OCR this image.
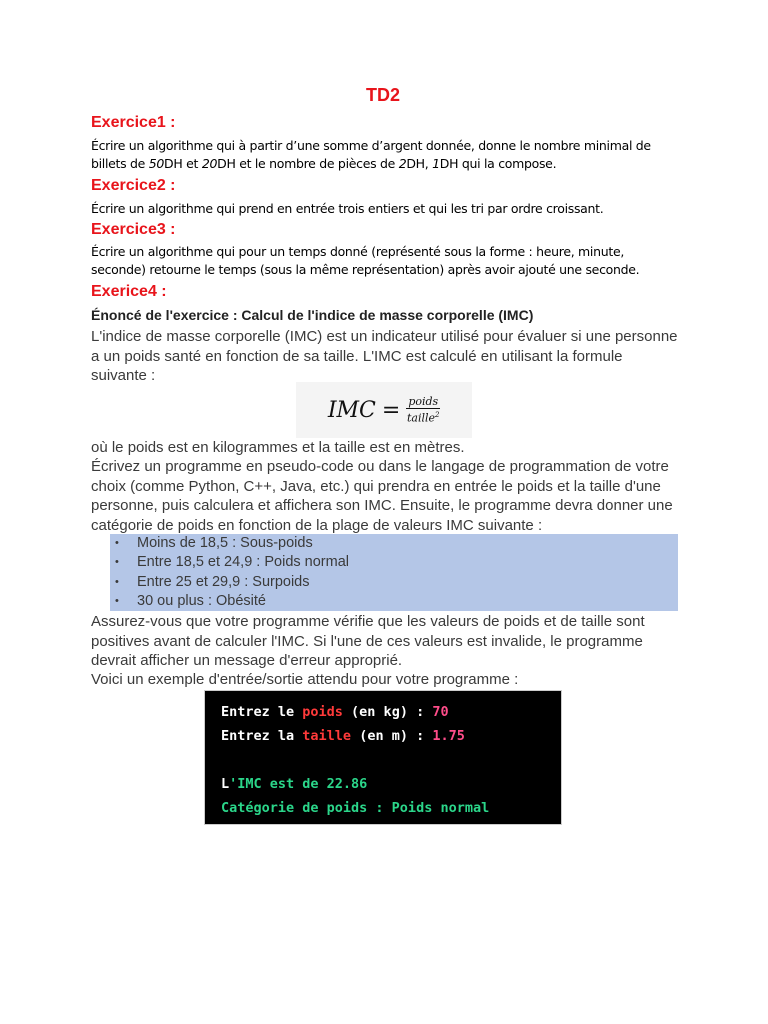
TD2
Exercice1 :
Écrire un algorithme qui à partir d’une somme d’argent donnée, donne le nombre minimal de billets de 50DH et 20DH et le nombre de pièces de 2DH, 1DH qui la compose.
Exercice2 :
Écrire un algorithme qui prend en entrée trois entiers et qui les tri par ordre croissant.
Exercice3 :
Écrire un algorithme qui pour un temps donné (représenté sous la forme : heure, minute, seconde) retourne le temps (sous la même représentation) après avoir ajouté une seconde.
Exerice4 :
Énoncé de l'exercice : Calcul de l'indice de masse corporelle (IMC)
L'indice de masse corporelle (IMC) est un indicateur utilisé pour évaluer si une personne a un poids santé en fonction de sa taille. L'IMC est calculé en utilisant la formule suivante :
IMC = $\frac{\text{poids}}{taille^2}$
où le poids est en kilogrammes et la taille est en mètres.
Écrivez un programme en pseudo-code ou dans le langage de programmation de votre choix (comme Python, C++, Java, etc.) qui prendra en entrée le poids et la taille d'une personne, puis calculera et affichera son IMC. Ensuite, le programme devra donner une catégorie de poids en fonction de la plage de valeurs IMC suivante :
• Moins de 18,5 : Sous-poids
• Entre 18,5 et 24,9 : Poids normal
• Entre 25 et 29,9 : Surpoids
• 30 ou plus : Obésité
Assurez-vous que votre programme vérifie que les valeurs de poids et de taille sont positives avant de calculer l'IMC. Si l'une de ces valeurs est invalide, le programme devrait afficher un message d'erreur approprié.
Voici un exemple d'entrée/sortie attendu pour votre programme :
Entrez le poids (en kg) : 70
Entrez la taille (en m) : 1.75
L'IMC est de 22.86
Catégorie de poids : Poids normal
